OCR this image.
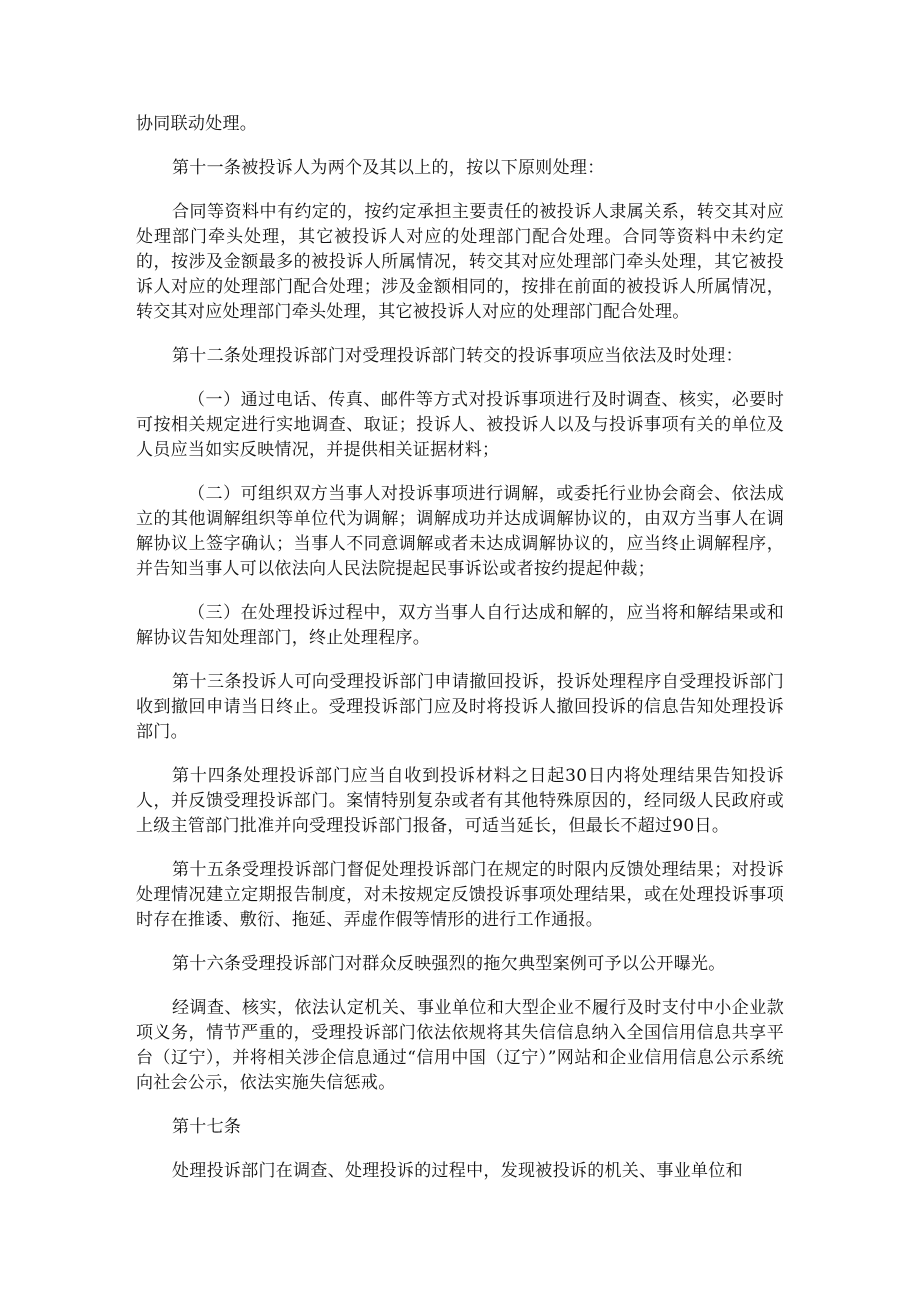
协同联动处理。

第十一条被投诉人为两个及其以上的，按以下原则处理：

合同等资料中有约定的，按约定承担主要责任的被投诉人隶属关系，转交其对应处理部门牵头处理，其它被投诉人对应的处理部门配合处理。合同等资料中未约定的，按涉及金额最多的被投诉人所属情况，转交其对应处理部门牵头处理，其它被投诉人对应的处理部门配合处理；涉及金额相同的，按排在前面的被投诉人所属情况，转交其对应处理部门牵头处理，其它被投诉人对应的处理部门配合处理。

第十二条处理投诉部门对受理投诉部门转交的投诉事项应当依法及时处理：

（一）通过电话、传真、邮件等方式对投诉事项进行及时调查、核实，必要时可按相关规定进行实地调查、取证；投诉人、被投诉人以及与投诉事项有关的单位及人员应当如实反映情况，并提供相关证据材料；

（二）可组织双方当事人对投诉事项进行调解，或委托行业协会商会、依法成立的其他调解组织等单位代为调解；调解成功并达成调解协议的，由双方当事人在调解协议上签字确认；当事人不同意调解或者未达成调解协议的，应当终止调解程序，并告知当事人可以依法向人民法院提起民事诉讼或者按约提起仲裁；

（三）在处理投诉过程中，双方当事人自行达成和解的，应当将和解结果或和解协议告知处理部门，终止处理程序。

第十三条投诉人可向受理投诉部门申请撤回投诉，投诉处理程序自受理投诉部门收到撤回申请当日终止。受理投诉部门应及时将投诉人撤回投诉的信息告知处理投诉部门。

第十四条处理投诉部门应当自收到投诉材料之日起30日内将处理结果告知投诉人，并反馈受理投诉部门。案情特别复杂或者有其他特殊原因的，经同级人民政府或上级主管部门批准并向受理投诉部门报备，可适当延长，但最长不超过90日。

第十五条受理投诉部门督促处理投诉部门在规定的时限内反馈处理结果；对投诉处理情况建立定期报告制度，对未按规定反馈投诉事项处理结果，或在处理投诉事项时存在推诿、敷衍、拖延、弄虚作假等情形的进行工作通报。

第十六条受理投诉部门对群众反映强烈的拖欠典型案例可予以公开曝光。

经调查、核实，依法认定机关、事业单位和大型企业不履行及时支付中小企业款项义务，情节严重的，受理投诉部门依法依规将其失信信息纳入全国信用信息共享平台（辽宁），并将相关涉企信息通过“信用中国（辽宁）”网站和企业信用信息公示系统向社会公示，依法实施失信惩戒。

第十七条

处理投诉部门在调查、处理投诉的过程中，发现被投诉的机关、事业单位和
